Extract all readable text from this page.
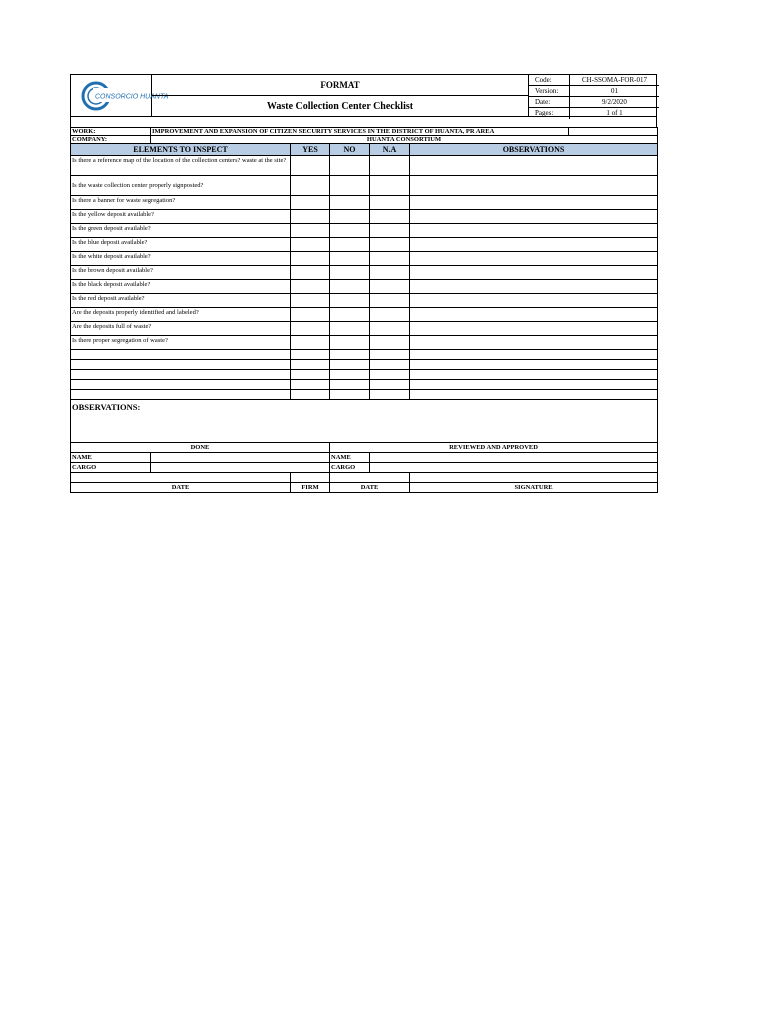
CONSORCIO HUANTA
FORMAT
Waste Collection Center Checklist
Code:	CH-SSOMA-FOR-017
Version:	01
Date:	9/2/2020
Pages:	1 of 1
WORK:	IMPROVEMENT AND EXPANSION OF CITIZEN SECURITY SERVICES IN THE DISTRICT OF HUANTA, PR AREA					
COMPANY:	HUANTA CONSORTIUM					
ELEMENTS TO INSPECT		YES	NO	N.A	OBSERVATIONS	
Is there a reference map of the location of the collection centers? waste at the site?						
Is the waste collection center properly signposted?						
Is there a banner for waste segregation?						
Is the yellow deposit available?						
Is the green deposit available?						
Is the blue deposit available?						
Is the white deposit available?						
Is the brown deposit available?						
Is the black deposit available?						
Is the red deposit available?						
Are the deposits properly identified and labeled?						
Are the deposits full of waste?						
Is there proper segregation of waste?						

OBSERVATIONS:						
DONE			REVIEWED AND APPROVED			
NAME			NAME			
CARGO			CARGO			

DATE		FIRM	DATE		SIGNATURE	
